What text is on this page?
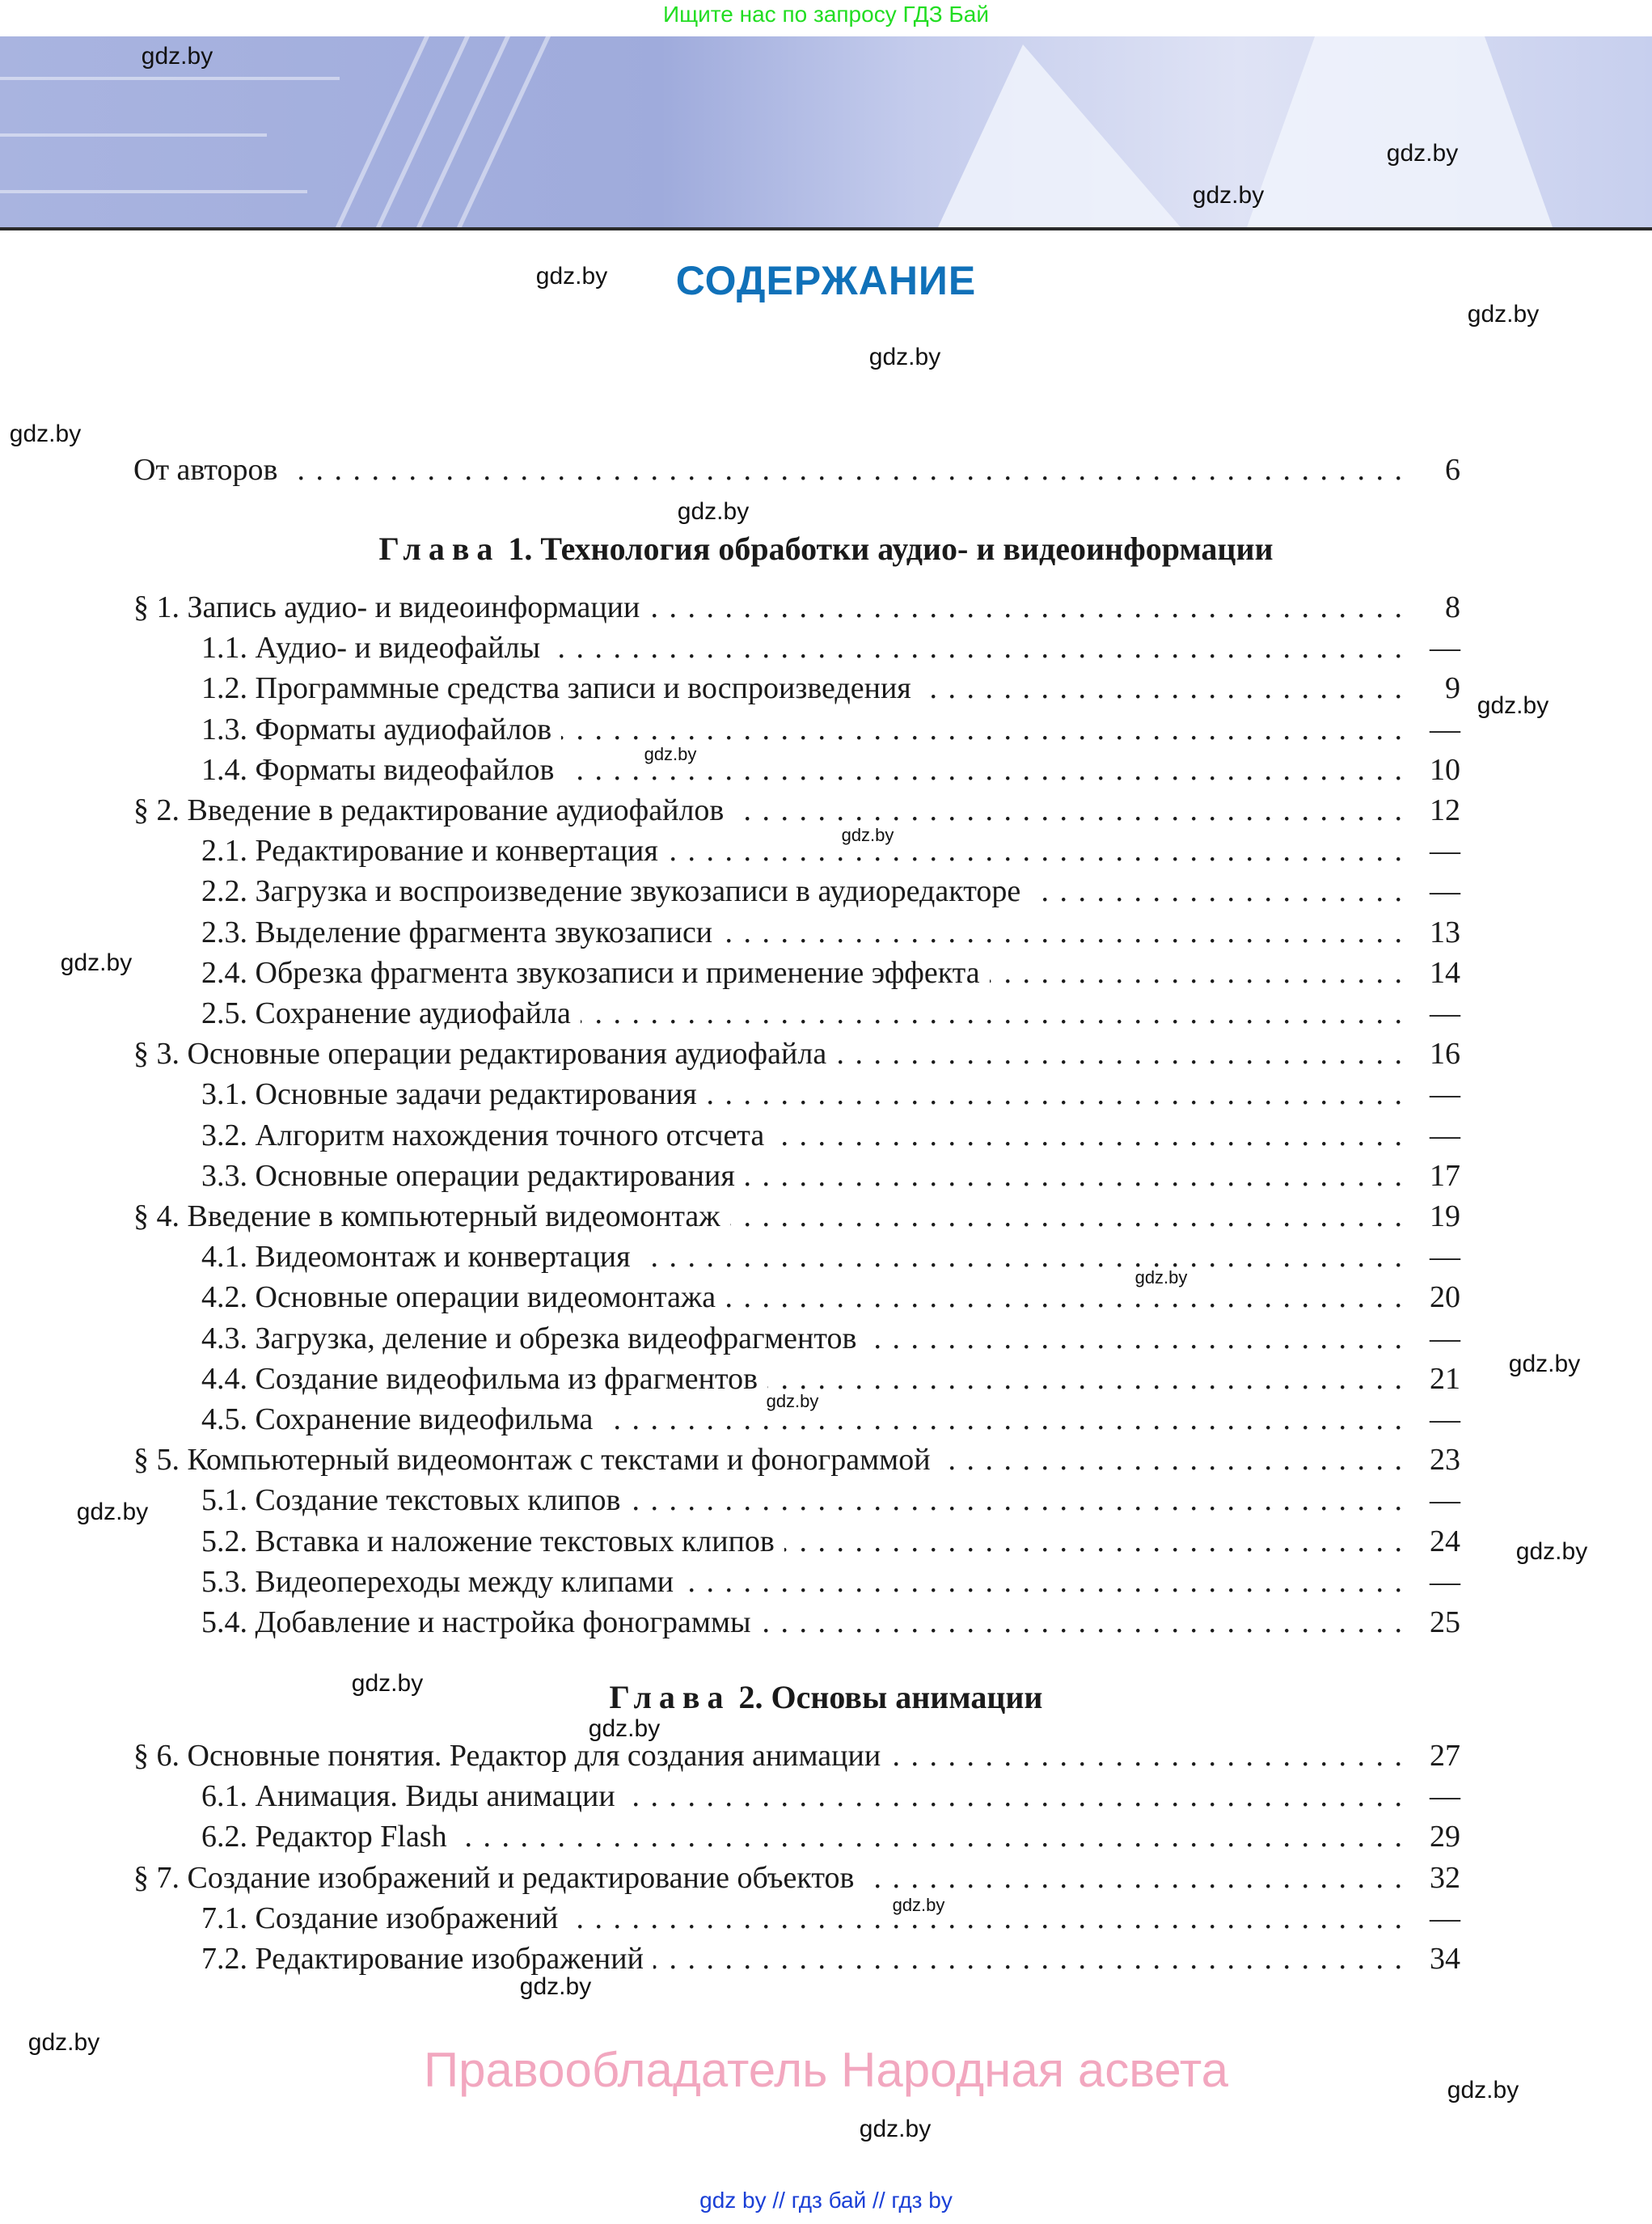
Ищите нас по запросу ГДЗ Бай
СОДЕРЖАНИЕ
От авторов . . .	6
Глава 1. Технология обработки аудио- и видеоинформации
§ 1. Запись аудио- и видеоинформации . . .	8
1.1. Аудио- и видеофайлы . . .	—
1.2. Программные средства записи и воспроизведения . . .	9
1.3. Форматы аудиофайлов . . .	—
1.4. Форматы видеофайлов . . .	10
§ 2. Введение в редактирование аудиофайлов . . .	12
2.1. Редактирование и конвертация . . .	—
2.2. Загрузка и воспроизведение звукозаписи в аудиоредакторе . . .	—
2.3. Выделение фрагмента звукозаписи . . .	13
2.4. Обрезка фрагмента звукозаписи и применение эффекта . . .	14
2.5. Сохранение аудиофайла . . .	—
§ 3. Основные операции редактирования аудиофайла . . .	16
3.1. Основные задачи редактирования . . .	—
3.2. Алгоритм нахождения точного отсчета . . .	—
3.3. Основные операции редактирования . . .	17
§ 4. Введение в компьютерный видеомонтаж . . .	19
4.1. Видеомонтаж и конвертация . . .	—
4.2. Основные операции видеомонтажа . . .	20
4.3. Загрузка, деление и обрезка видеофрагментов . . .	—
4.4. Создание видеофильма из фрагментов . . .	21
4.5. Сохранение видеофильма . . .	—
§ 5. Компьютерный видеомонтаж с текстами и фонограммой . . .	23
5.1. Создание текстовых клипов . . .	—
5.2. Вставка и наложение текстовых клипов . . .	24
5.3. Видеопереходы между клипами . . .	—
5.4. Добавление и настройка фонограммы . . .	25
Глава 2. Основы анимации
§ 6. Основные понятия. Редактор для создания анимации . . .	27
6.1. Анимация. Виды анимации . . .	—
6.2. Редактор Flash . . .	29
§ 7. Создание изображений и редактирование объектов . . .	32
7.1. Создание изображений . . .	—
7.2. Редактирование изображений . . .	34
Правообладатель Народная асвета
gdz by // гдз бай // гдз by
gdz.by
gdz.by
gdz.by
gdz.by
gdz.by
gdz.by
gdz.by
gdz.by
gdz.by
gdz.by
gdz.by
gdz.by
gdz.by
gdz.by
gdz.by
gdz.by
gdz.by
gdz.by
gdz.by
gdz.by
gdz.by
gdz.by
gdz.by
gdz.by
